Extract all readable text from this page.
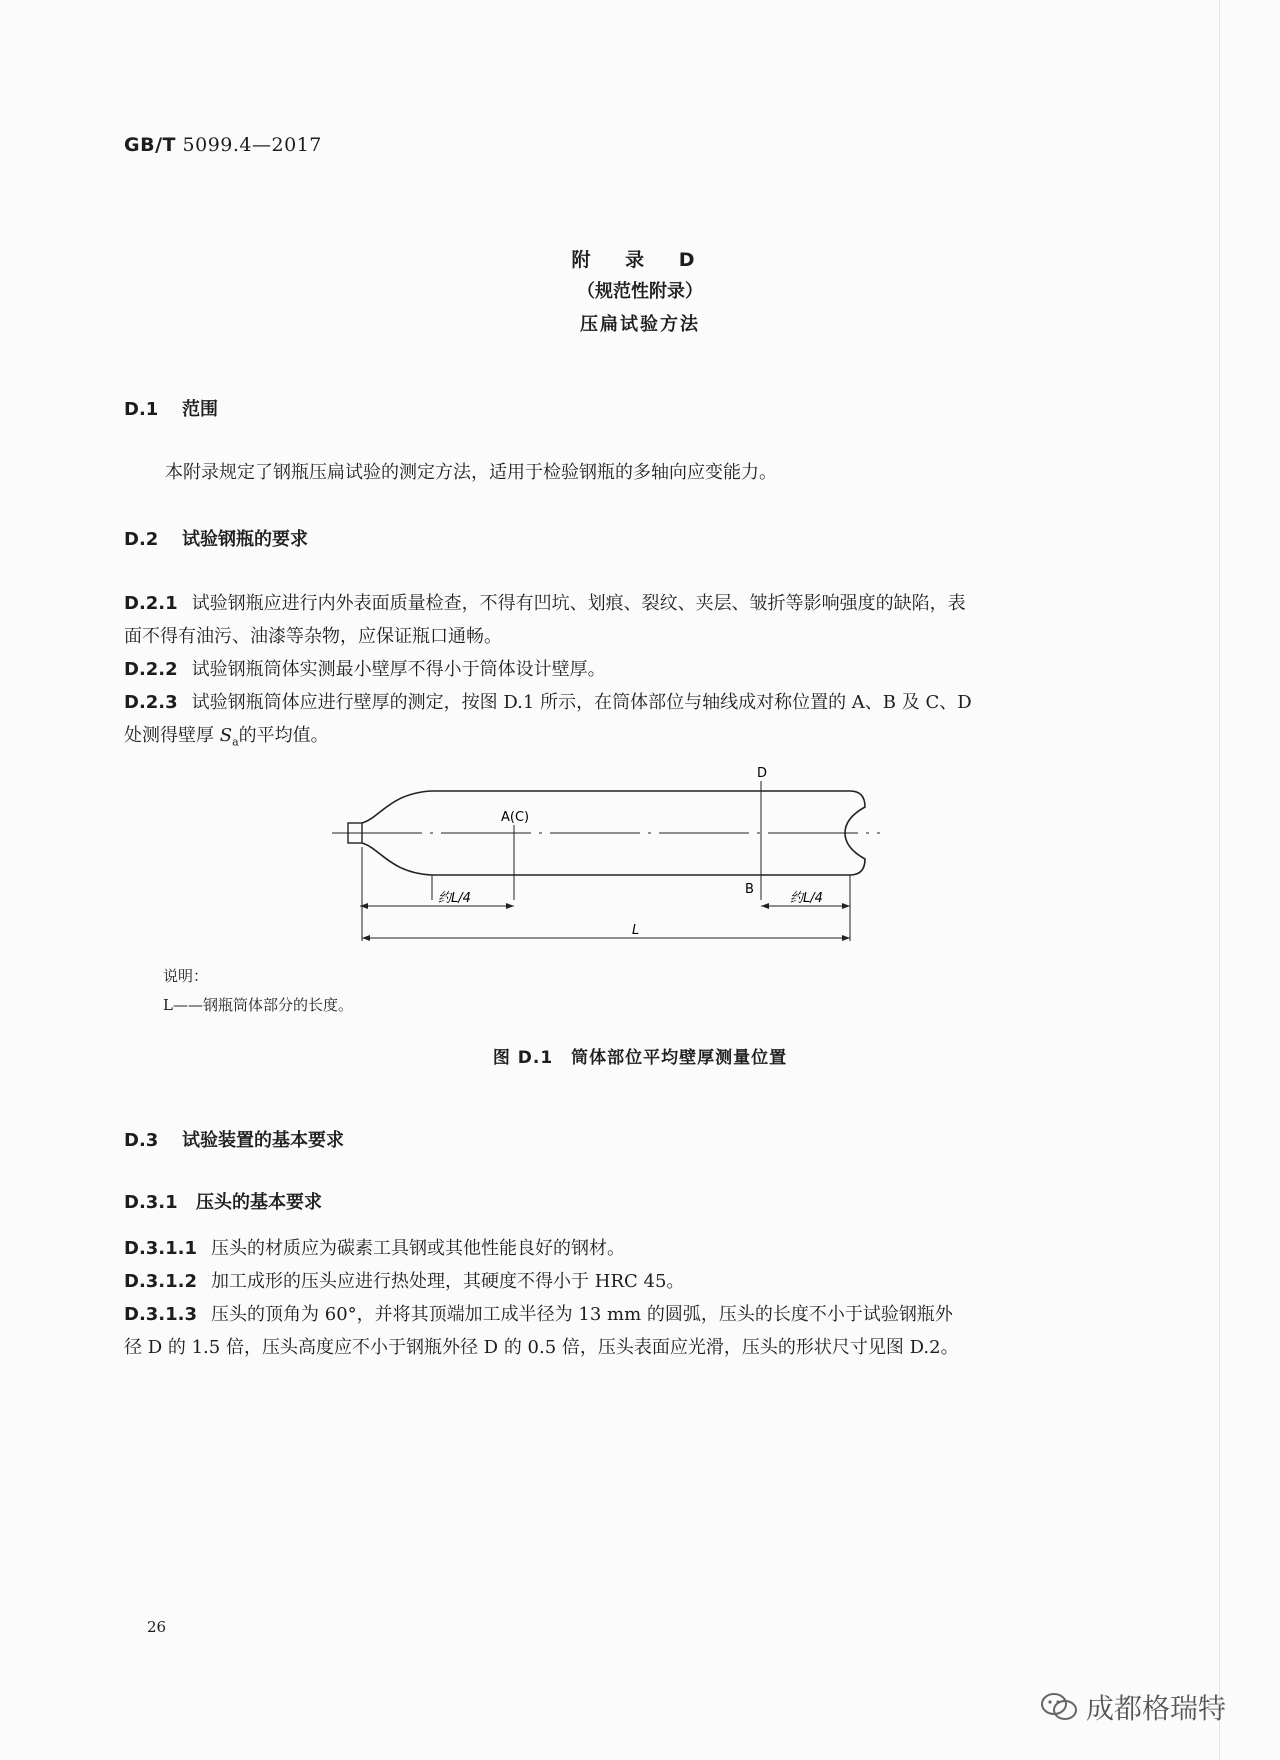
GB/T 5099.4—2017
附 录 D
（规范性附录）
压扁试验方法
D.1 范围
本附录规定了钢瓶压扁试验的测定方法，适用于检验钢瓶的多轴向应变能力。
D.2 试验钢瓶的要求
D.2.1 试验钢瓶应进行内外表面质量检查，不得有凹坑、划痕、裂纹、夹层、皱折等影响强度的缺陷，表
面不得有油污、油漆等杂物，应保证瓶口通畅。
D.2.2 试验钢瓶筒体实测最小壁厚不得小于筒体设计壁厚。
D.2.3 试验钢瓶筒体应进行壁厚的测定，按图 D.1 所示，在筒体部位与轴线成对称位置的 A、B 及 C、D
处测得壁厚 $S_a$的平均值。
D
A(C)
B
约L/4	约L/4
L
说明：
L——钢瓶筒体部分的长度。
图 D.1　筒体部位平均壁厚测量位置
D.3 试验装置的基本要求
D.3.1 压头的基本要求
D.3.1.1 压头的材质应为碳素工具钢或其他性能良好的钢材。
D.3.1.2 加工成形的压头应进行热处理，其硬度不得小于 HRC 45。
D.3.1.3 压头的顶角为 60°，并将其顶端加工成半径为 13 mm 的圆弧，压头的长度不小于试验钢瓶外
径 D 的 1.5 倍，压头高度应不小于钢瓶外径 D 的 0.5 倍，压头表面应光滑，压头的形状尺寸见图 D.2。
26
成都格瑞特
